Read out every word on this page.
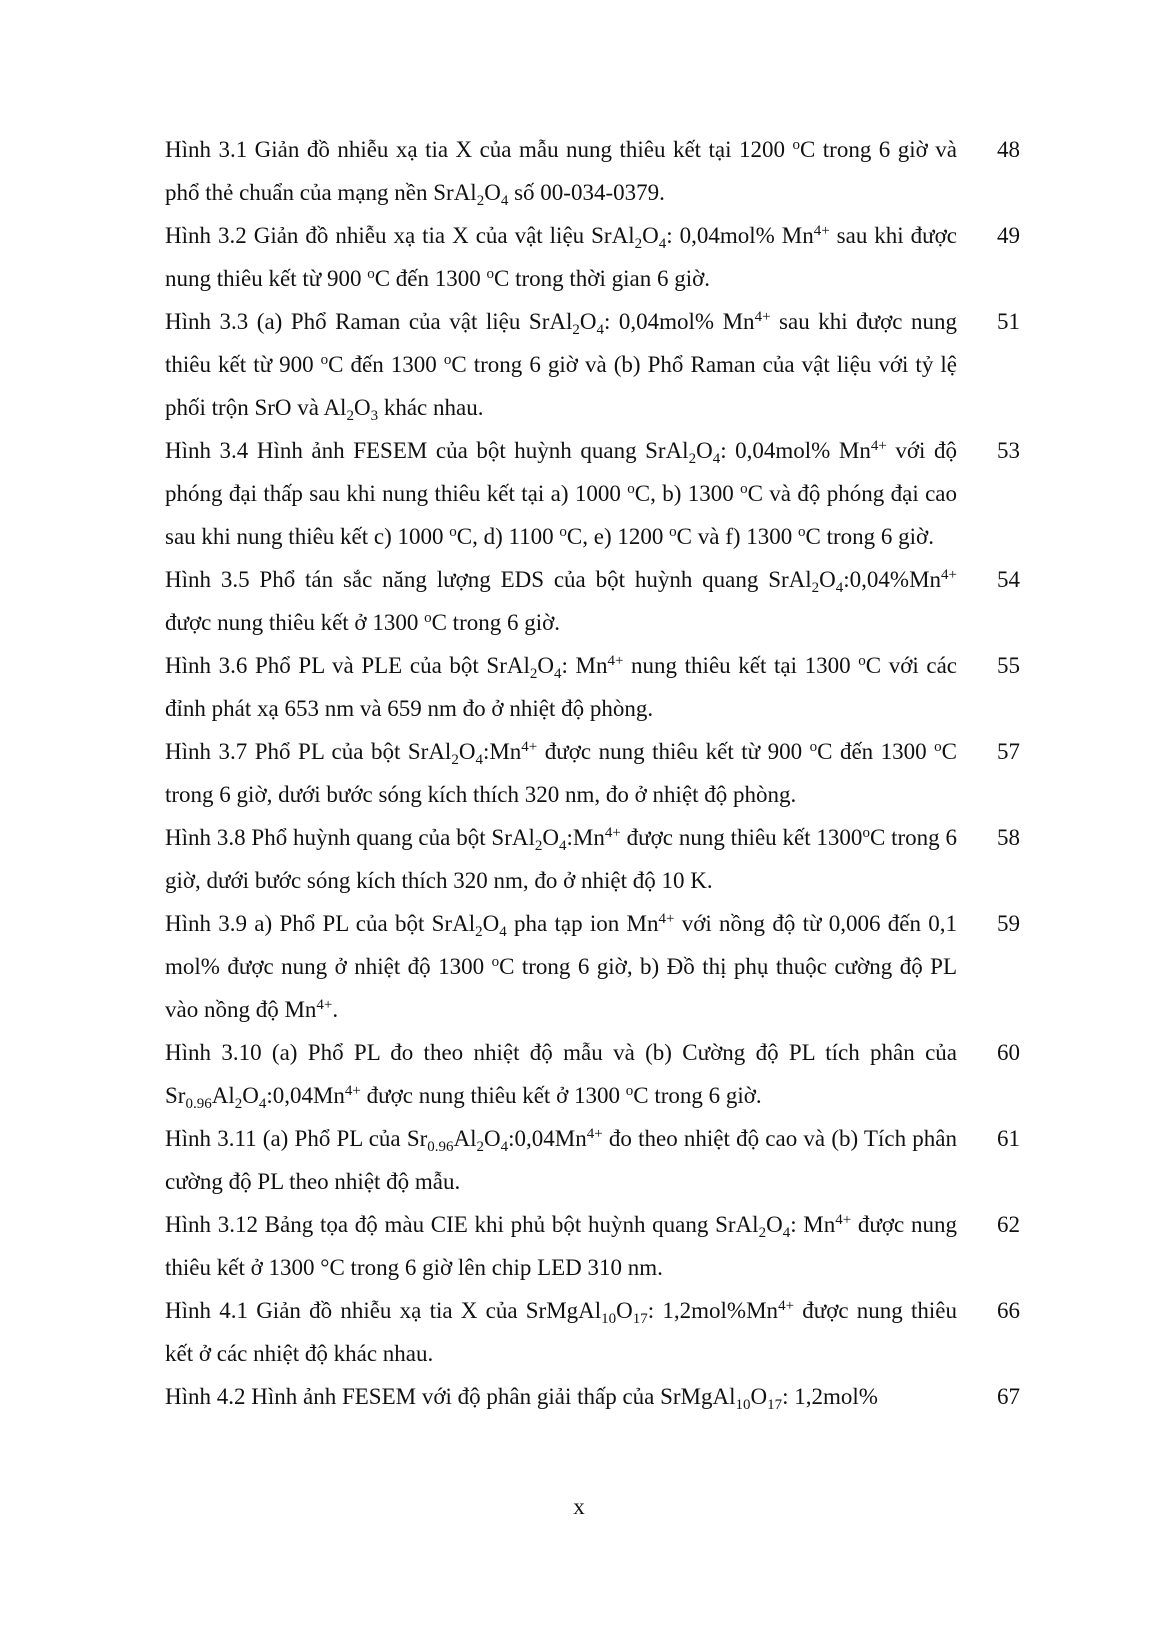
Hình 3.1 Giản đồ nhiễu xạ tia X của mẫu nung thiêu kết tại 1200 $^o$C trong 6 giờ và phổ thẻ chuẩn của mạng nền $SrAl_2O_4$ số 00-034-0379.
48
Hình 3.2 Giản đồ nhiễu xạ tia X của vật liệu $SrAl_2O_4$: 0,04mol% $Mn^{4+}$ sau khi được nung thiêu kết từ 900 $^o$C đến 1300 $^o$C trong thời gian 6 giờ.
49
Hình 3.3 (a) Phổ Raman của vật liệu $SrAl_2O_4$: 0,04mol% $Mn^{4+}$ sau khi được nung thiêu kết từ 900 $^o$C đến 1300 $^o$C trong 6 giờ và (b) Phổ Raman của vật liệu với tỷ lệ phối trộn SrO và $Al_2O_3$ khác nhau.
51
Hình 3.4 Hình ảnh FESEM của bột huỳnh quang $SrAl_2O_4$: 0,04mol% $Mn^{4+}$ với độ phóng đại thấp sau khi nung thiêu kết tại a) 1000 $^o$C, b) 1300 $^o$C và độ phóng đại cao sau khi nung thiêu kết c) 1000 $^o$C, d) 1100 $^o$C, e) 1200 $^o$C và f) 1300 $^o$C trong 6 giờ.
53
Hình 3.5 Phổ tán sắc năng lượng EDS của bột huỳnh quang $SrAl_2O_4:0,04\%Mn^{4+}$ được nung thiêu kết ở 1300 $^o$C trong 6 giờ.
54
Hình 3.6 Phổ PL và PLE của bột $SrAl_2O_4$: $Mn^{4+}$ nung thiêu kết tại 1300 $^o$C với các đỉnh phát xạ 653 nm và 659 nm đo ở nhiệt độ phòng.
55
Hình 3.7 Phổ PL của bột $SrAl_2O_4:Mn^{4+}$ được nung thiêu kết từ 900 $^o$C đến 1300 $^o$C trong 6 giờ, dưới bước sóng kích thích 320 nm, đo ở nhiệt độ phòng.
57
Hình 3.8 Phổ huỳnh quang của bột $SrAl_2O_4:Mn^{4+}$ được nung thiêu kết 1300$^o$C trong 6 giờ, dưới bước sóng kích thích 320 nm, đo ở nhiệt độ 10 K.
58
Hình 3.9 a) Phổ PL của bột $SrAl_2O_4$ pha tạp ion $Mn^{4+}$ với nồng độ từ 0,006 đến 0,1 mol% được nung ở nhiệt độ 1300 $^o$C trong 6 giờ, b) Đồ thị phụ thuộc cường độ PL vào nồng độ $Mn^{4+}$.
59
Hình 3.10 (a) Phổ PL đo theo nhiệt độ mẫu và (b) Cường độ PL tích phân của $Sr_{0.96}Al_2O_4:0,04Mn^{4+}$ được nung thiêu kết ở 1300 $^o$C trong 6 giờ.
60
Hình 3.11 (a) Phổ PL của $Sr_{0.96}Al_2O_4:0,04Mn^{4+}$ đo theo nhiệt độ cao và (b) Tích phân cường độ PL theo nhiệt độ mẫu.
61
Hình 3.12 Bảng tọa độ màu CIE khi phủ bột huỳnh quang $SrAl_2O_4$: $Mn^{4+}$ được nung thiêu kết ở 1300 °C trong 6 giờ lên chip LED 310 nm.
62
Hình 4.1 Giản đồ nhiễu xạ tia X của $SrMgAl_{10}O_{17}$: $1,2mol\%Mn^{4+}$ được nung thiêu kết ở các nhiệt độ khác nhau.
66
Hình 4.2 Hình ảnh FESEM với độ phân giải thấp của $SrMgAl_{10}O_{17}$: 1,2mol%	67
x
